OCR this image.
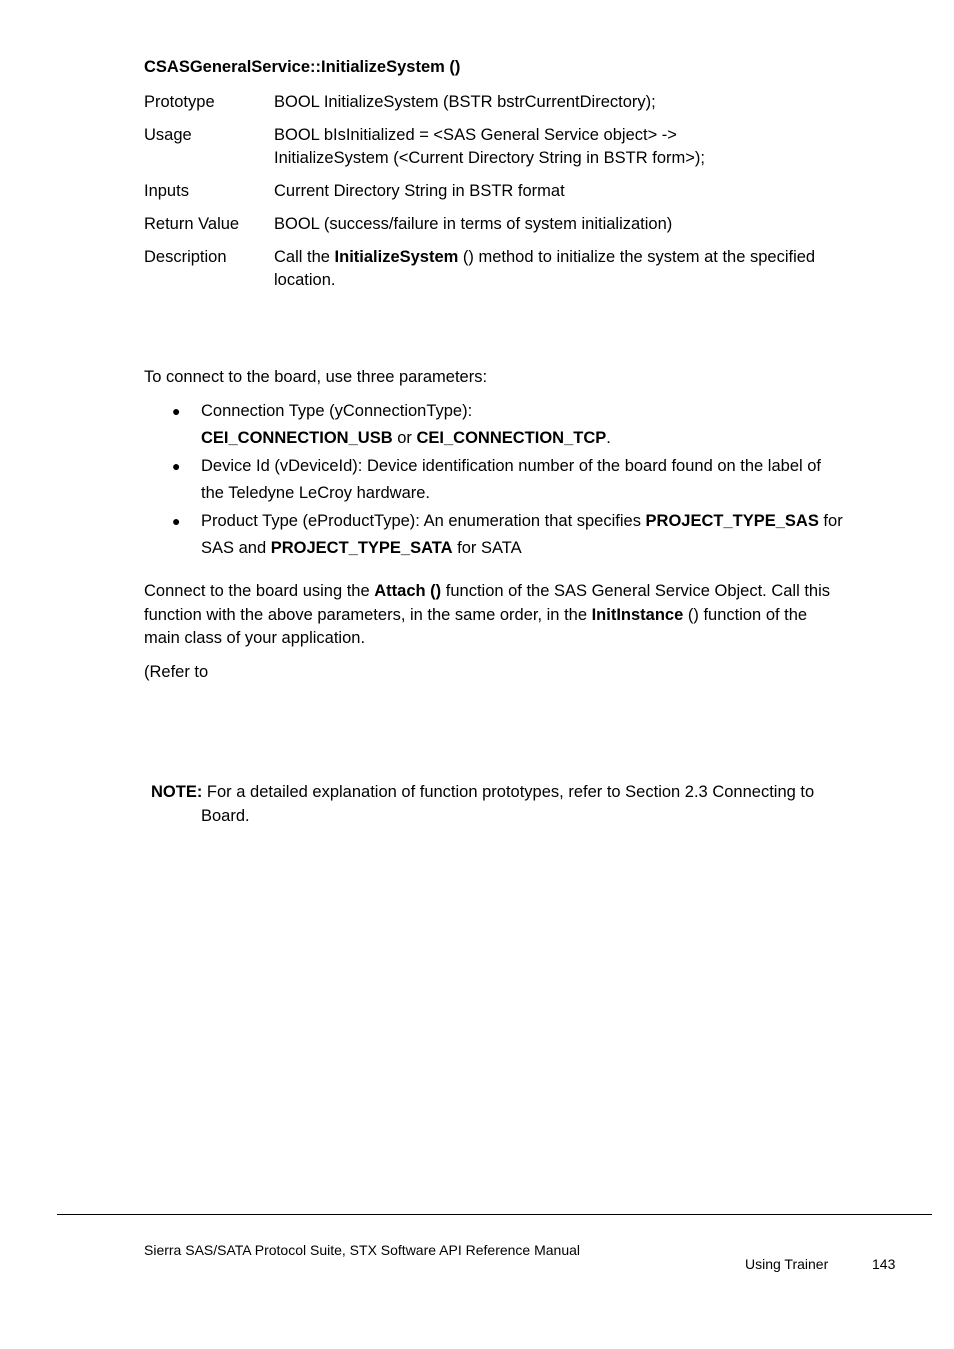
CSASGeneralService::InitializeSystem ()
Prototype	BOOL InitializeSystem (BSTR bstrCurrentDirectory);
Usage	BOOL bIsInitialized = <SAS General Service object> ->
InitializeSystem (<Current Directory String in BSTR form>);
Inputs	Current Directory String in BSTR format
Return Value	BOOL (success/failure in terms of system initialization)
Description	Call the InitializeSystem () method to initialize the system at the specified
location.
To connect to the board, use three parameters:
● Connection Type (yConnectionType):
CEI_CONNECTION_USB or CEI_CONNECTION_TCP.
● Device Id (vDeviceId): Device identification number of the board found on the label of
the Teledyne LeCroy hardware.
● Product Type (eProductType): An enumeration that specifies PROJECT_TYPE_SAS for
SAS and PROJECT_TYPE_SATA for SATA
Connect to the board using the Attach () function of the SAS General Service Object. Call this
function with the above parameters, in the same order, in the InitInstance () function of the
main class of your application.
(Refer to
NOTE: For a detailed explanation of function prototypes, refer to Section 2.3 Connecting to
Board.
Sierra SAS/SATA Protocol Suite, STX Software API Reference Manual
Using Trainer	143
